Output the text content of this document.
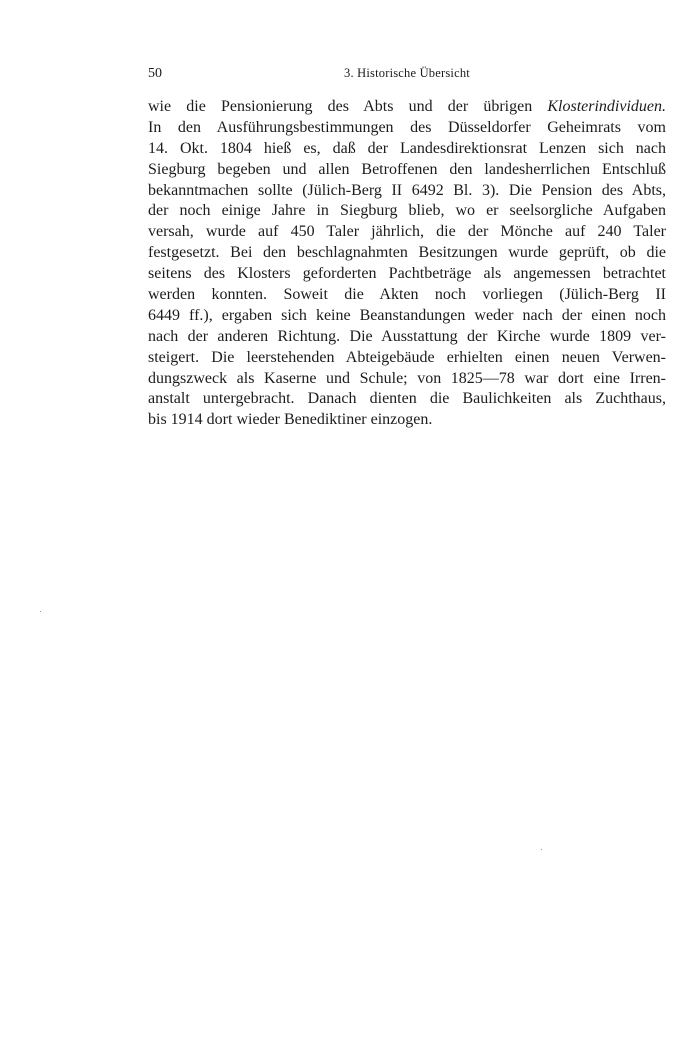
50	3. Historische Übersicht
wie die Pensionierung des Abts und der übrigen Klosterindividuen.
In den Ausführungsbestimmungen des Düsseldorfer Geheimrats vom
14. Okt. 1804 hieß es, daß der Landesdirektionsrat Lenzen sich nach
Siegburg begeben und allen Betroffenen den landesherrlichen Entschluß
bekanntmachen sollte (Jülich-Berg II 6492 Bl. 3). Die Pension des Abts,
der noch einige Jahre in Siegburg blieb, wo er seelsorgliche Aufgaben
versah, wurde auf 450 Taler jährlich, die der Mönche auf 240 Taler
festgesetzt. Bei den beschlagnahmten Besitzungen wurde geprüft, ob die
seitens des Klosters geforderten Pachtbeträge als angemessen betrachtet
werden konnten. Soweit die Akten noch vorliegen (Jülich-Berg II
6449 ff.), ergaben sich keine Beanstandungen weder nach der einen noch
nach der anderen Richtung. Die Ausstattung der Kirche wurde 1809 ver-
steigert. Die leerstehenden Abteigebäude erhielten einen neuen Verwen-
dungszweck als Kaserne und Schule; von 1825—78 war dort eine Irren-
anstalt untergebracht. Danach dienten die Baulichkeiten als Zuchthaus,
bis 1914 dort wieder Benediktiner einzogen.
